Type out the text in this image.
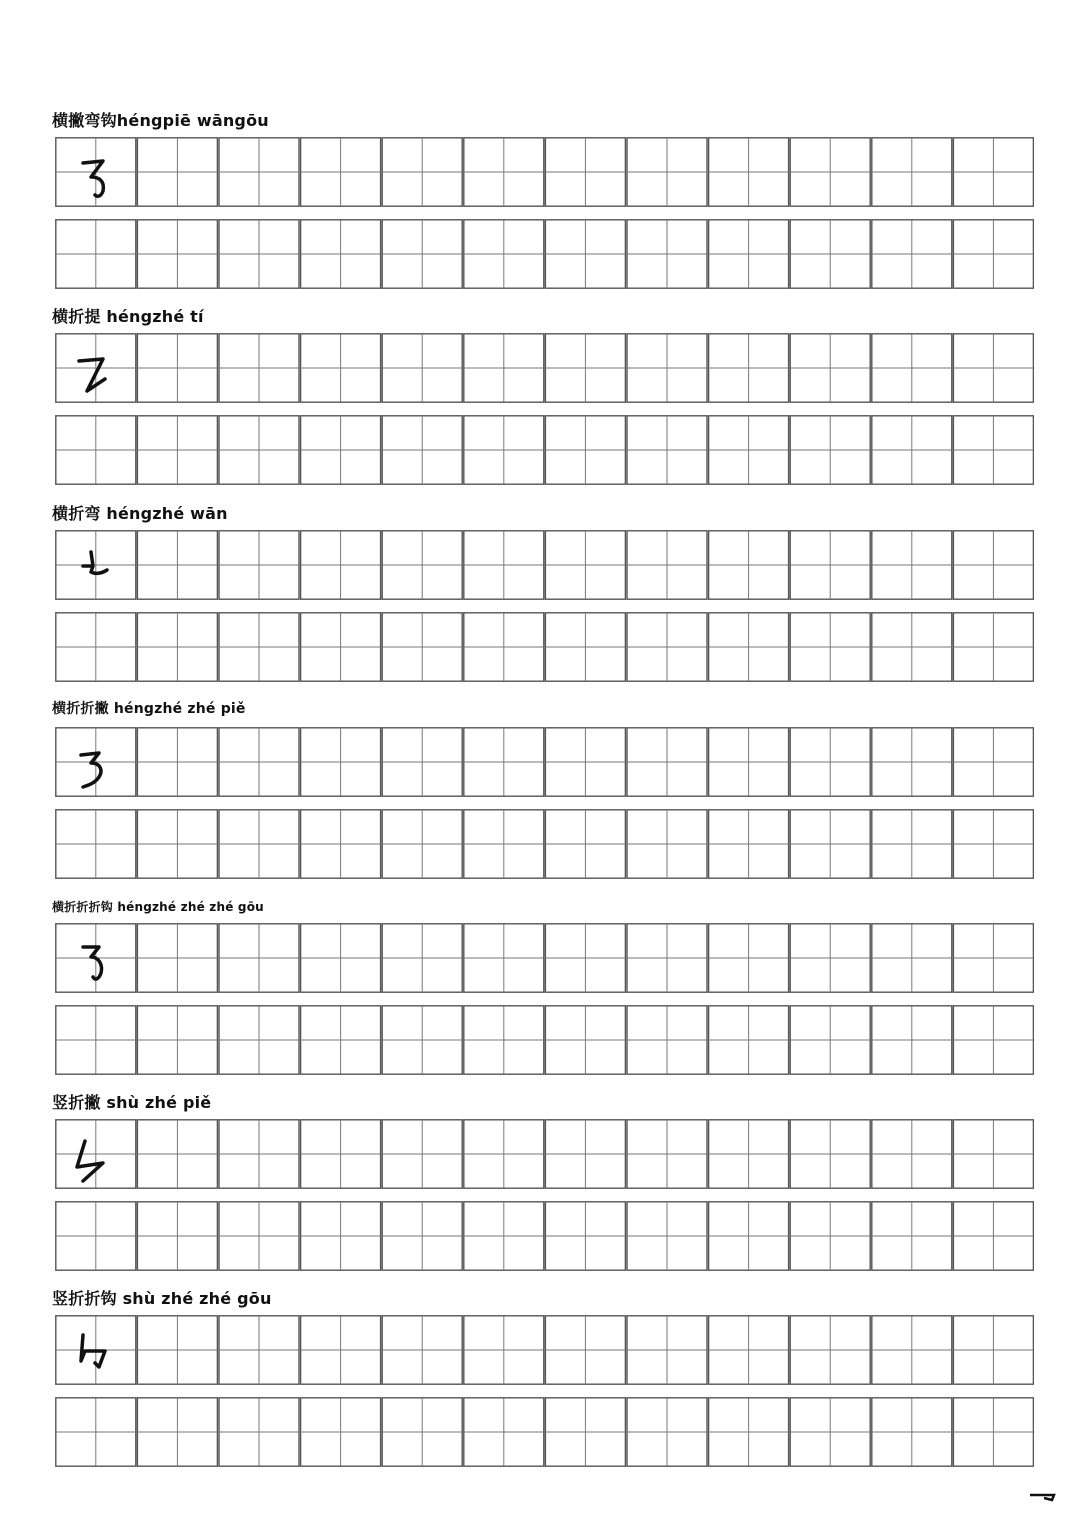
横撇弯钩héngpiē wāngōu
横折提 héngzhé tí
横折弯 héngzhé wān
横折折撇 héngzhé zhé piě
横折折折钩 héngzhé zhé zhé gōu
竖折撇 shù zhé piě
竖折折钩 shù zhé zhé gōu
